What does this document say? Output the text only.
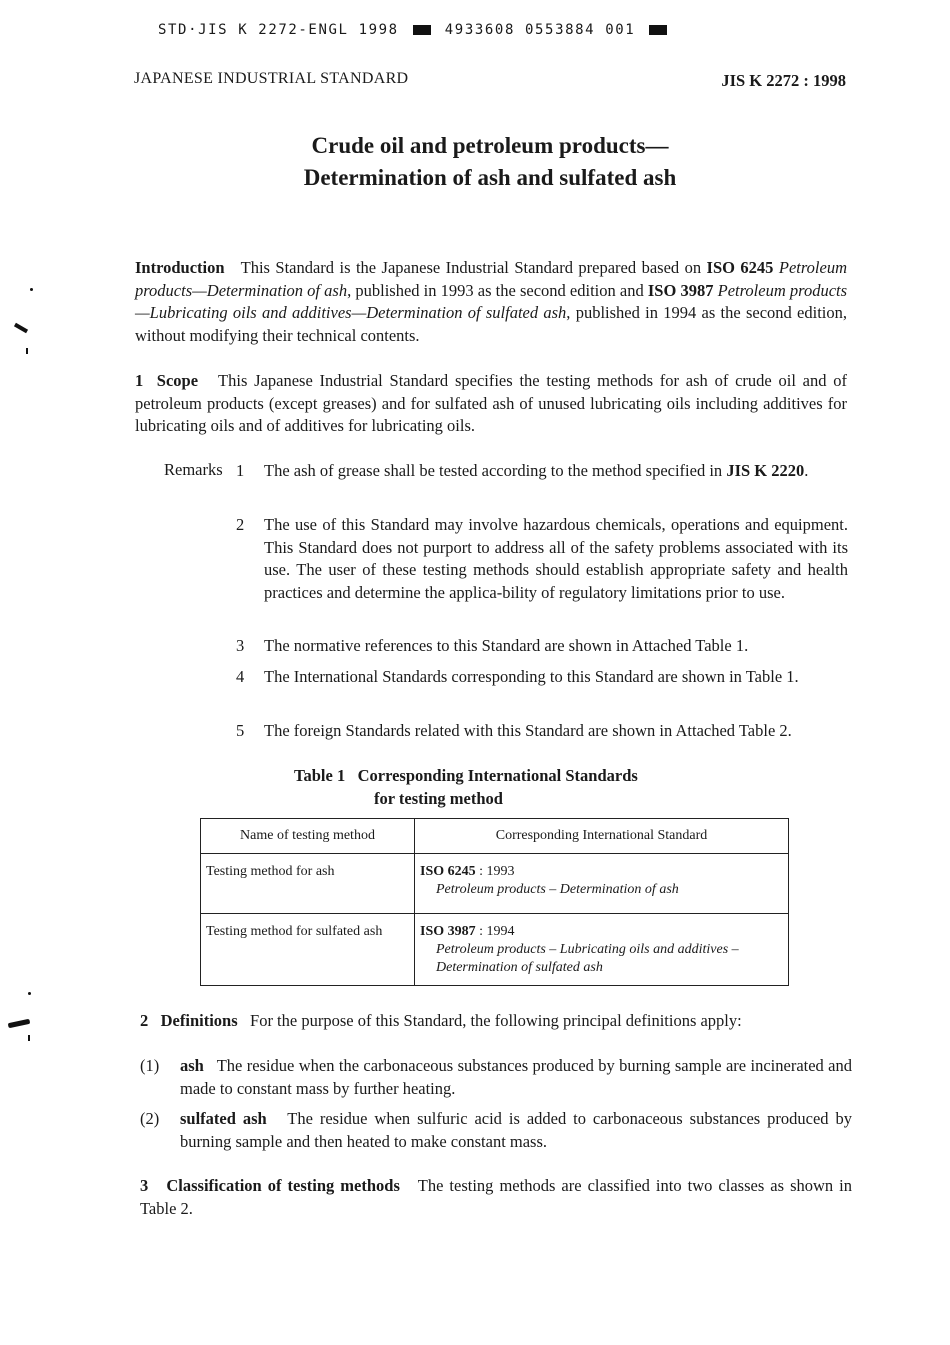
STD·JIS K 2272-ENGL 1998	4933608 0553884 001
JAPANESE INDUSTRIAL STANDARD	JIS K 2272 : 1998
Crude oil and petroleum products—
Determination of ash and sulfated ash
Introduction This Standard is the Japanese Industrial Standard prepared based on ISO 6245 Petroleum products—Determination of ash, published in 1993 as the second edition and ISO 3987 Petroleum products—Lubricating oils and additives—Determination of sulfated ash, published in 1994 as the second edition, without modifying their technical contents.
1 Scope This Japanese Industrial Standard specifies the testing methods for ash of crude oil and of petroleum products (except greases) and for sulfated ash of unused lubricating oils including additives for lubricating oils and of additives for lubricating oils.
Remarks 1 The ash of grease shall be tested according to the method specified in JIS K 2220.
2 The use of this Standard may involve hazardous chemicals, operations and equipment. This Standard does not purport to address all of the safety problems associated with its use. The user of these testing methods should establish appropriate safety and health practices and determine the applica-bility of regulatory limitations prior to use.
3 The normative references to this Standard are shown in Attached Table 1.
4 The International Standards corresponding to this Standard are shown in Table 1.
5 The foreign Standards related with this Standard are shown in Attached Table 2.
Table 1   Corresponding International Standards
for testing method
Name of testing method	Corresponding International Standard
Testing method for ash	ISO 6245 : 1993
Petroleum products – Determination of ash

Testing method for sulfated ash	ISO 3987 : 1994
Petroleum products – Lubricating oils and additives –
Determination of sulfated ash
2 Definitions For the purpose of this Standard, the following principal definitions apply:
(1) ash The residue when the carbonaceous substances produced by burning sample are incinerated and made to constant mass by further heating.
(2) sulfated ash The residue when sulfuric acid is added to carbonaceous substances produced by burning sample and then heated to make constant mass.
3 Classification of testing methods The testing methods are classified into two classes as shown in Table 2.
